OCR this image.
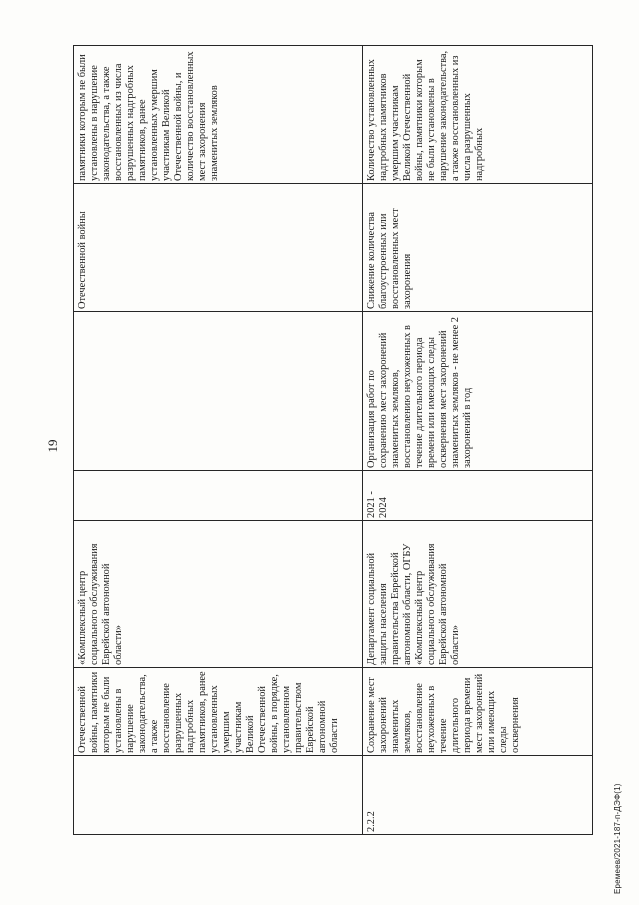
19
Отечественной войны, памятники которым не были установлены в нарушение законодательства, а также восстановление разрушенных надгробных памятников, ранее установленных умершим участникам Великой Отечественной войны, в порядке, установленном правительством Еврейской автономной области
«Комплексный центр социального обслуживания Еврейской автономной области»
Отечественной войны
памятники которым не были установлены в нарушение законодательства, а также восстановленных из числа разрушенных надгробных памятников, ранее установленных умершим участникам Великой Отечественной войны, и количество восстановленных мест захоронения знаменитых земляков
2.2.2
Сохранение мест захоронений знаменитых земляков, восстановление неухоженных в течение длительного периода времени мест захоронений или имеющих следы осквернения
Департамент социальной защиты населения правительства Еврейской автономной области, ОГБУ «Комплексный центр социального обслуживания Еврейской автономной области»
2021 - 2024
Организация работ по сохранению мест захоронений знаменитых земляков, восстановлению неухоженных в течение длительного периода времени или имеющих следы осквернения мест захоронений знаменитых земляков - не менее 2 захоронений в год
Снижение количества благоустроенных или восстановленных мест захоронения
Количество установленных надгробных памятников умершим участникам Великой Отечественной войны, памятники которым не были установлены в нарушение законодательства, а также восстановленных из числа разрушенных надгробных
Еремеев/2021-187-п-ДЭФ(1)
